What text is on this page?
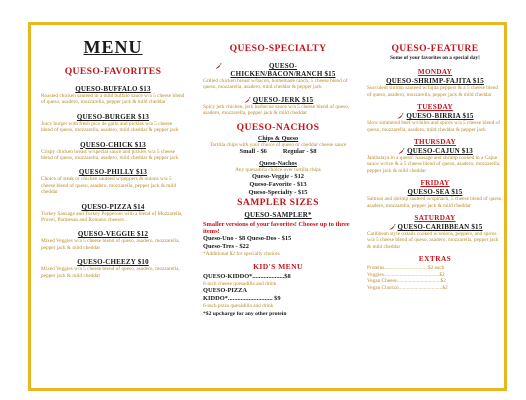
MENU
QUESO-FAVORITES
QUESO-BUFFALO $13
Roasted chicken sauteed in a mild buffalo sauce w/a 5 cheese blend of queso, asadero, mozzarella, pepper jack & mild cheddar
QUESO-BURGER $13
Juicy burger with fresh pico de gallo and pickles w/a 5 cheese blend of queso, mozzarella, asadero, mild cheddar & pepper jack
QUESO-CHICK $13
Crispy chicken breast w/special sauce and pickles w/a 5 cheese blend of queso, mozzarella, asadero, mild cheddar & pepper jack
QUESO-PHILLY $13
Choice of steak or chicken sauteed w/peppers & onions w/a 5 cheese blend of queso, asadero, mozzarella, pepper jack & mild cheddar
QUESO-PIZZA $14
Turkey Sausage and Turkey Pepperoni with a blend of Mozzarella, Provel, Parmesan and Romano cheeses.
QUESO-VEGGIE $12
Mixed Veggies w/a 5 cheese blend of queso, asadero, mozzarella, pepper jack & mild cheddar
QUESO-CHEEZY $10
Mixed Veggies w/a 5 cheese blend of queso, asadero, mozzarella, pepper jack & mild cheddar
QUESO-SPECIALTY
QUESO-CHICKEN/BACON/RANCH $15
Grilled chicken breast w/bacon, homemade ranch, 5 cheese blend of queso, mozzarella, asadero, mild cheddar & pepper jack
QUESO-JERK $15
Spicy jerk chicken, jerk barbecue sauce w/a 5 cheese blend of queso, asadero, mozzarella, pepper jack & mild cheddar
QUESO-NACHOS
Chips & Queso
Tortilla chips with your choice of queso or cheddar cheese sauce
Small - $6          Regular - $8
Queso-Nachos
Any quesadilla choice over tortilla chips
Queso-Veggie - $12
Queso-Favorite - $13
Queso-Specialty - $15
SAMPLER SIZES
QUESO-SAMPLER*
Smaller versions of your favorites! Choose up to three items!
Queso-Uno - $8 Queso-Dos - $15
Queso-Tres - $22
*Additional $2 for specialty choices
KID'S MENU
QUESO-KIDDO*....................$8
6-inch cheese quesadilla and drink
QUESO-PIZZA
KIDDO*............................ $9
6-inch pizza quesadilla and drink
*$2 upcharge for any other protein
QUESO-FEATURE
Some of your favorites on a special day!
MONDAY
QUESO-SHRIMP-FAJITA $15
Succulent shrimp sauteed w/fajita peppers & a 5 cheese blend of queso, asadero, mozzarella, pepper jack & mild cheddar
TUESDAY
QUESO-BIRRIA $15
Slow simmered beef w/chiles and spices w/a 5 cheese blend of queso, mozzarella, asadero, mild cheddar & pepper jack
THURSDAY
QUESO-CAJUN $13
Jambalaya in a queso! Sausage and shrimp cooked in a Cajun sauce w/rice & a 5 cheese blend of queso, asadero, mozzarella, pepper jack & mild cheddar
FRIDAY
QUESO-SEA $15
Salmon and shrimp sauteed w/spinach, 5 cheese blend of queso, asadero, mozzarella, pepper jack & mild cheddar
SATURDAY
QUESO-CARIBBEAN $15
Caribbean style oxtails cooked w/onions, peppers, and spices w/a 5 cheese blend of queso, asadero, mozzarella, pepper jack & mild cheddar
EXTRAS
Proteins.................................$2 each
Veggies..........................................$2
Vegan Cheese.................................$2
Vegan Chorizo.................................$2
